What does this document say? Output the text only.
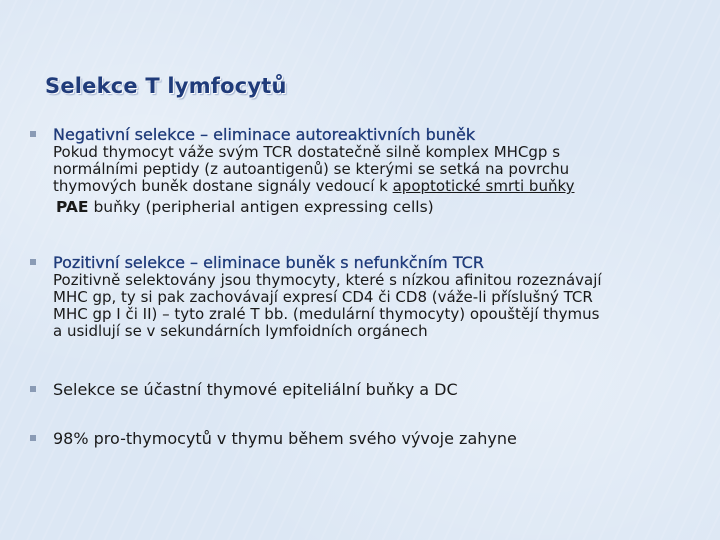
Selekce T lymfocytů
Negativní selekce – eliminace autoreaktivních buněk
Pokud thymocyt váže svým TCR dostatečně silně komplex MHCgp s
normálními peptidy (z autoantigenů) se kterými se setká na povrchu
thymových buněk dostane signály vedoucí k apoptotické smrti buňky
PAE buňky (peripherial antigen expressing cells)
Pozitivní selekce – eliminace buněk s nefunkčním TCR
Pozitivně selektovány jsou thymocyty, které s nízkou afinitou rozeznávají
MHC gp, ty si pak zachovávají expresí CD4 či CD8 (váže-li příslušný TCR
MHC gp I či II) – tyto zralé T bb. (medulární thymocyty) opouštějí thymus
a usidlují se v sekundárních lymfoidních orgánech
Selekce se účastní thymové epiteliální buňky a DC
98% pro-thymocytů v thymu během svého vývoje zahyne
